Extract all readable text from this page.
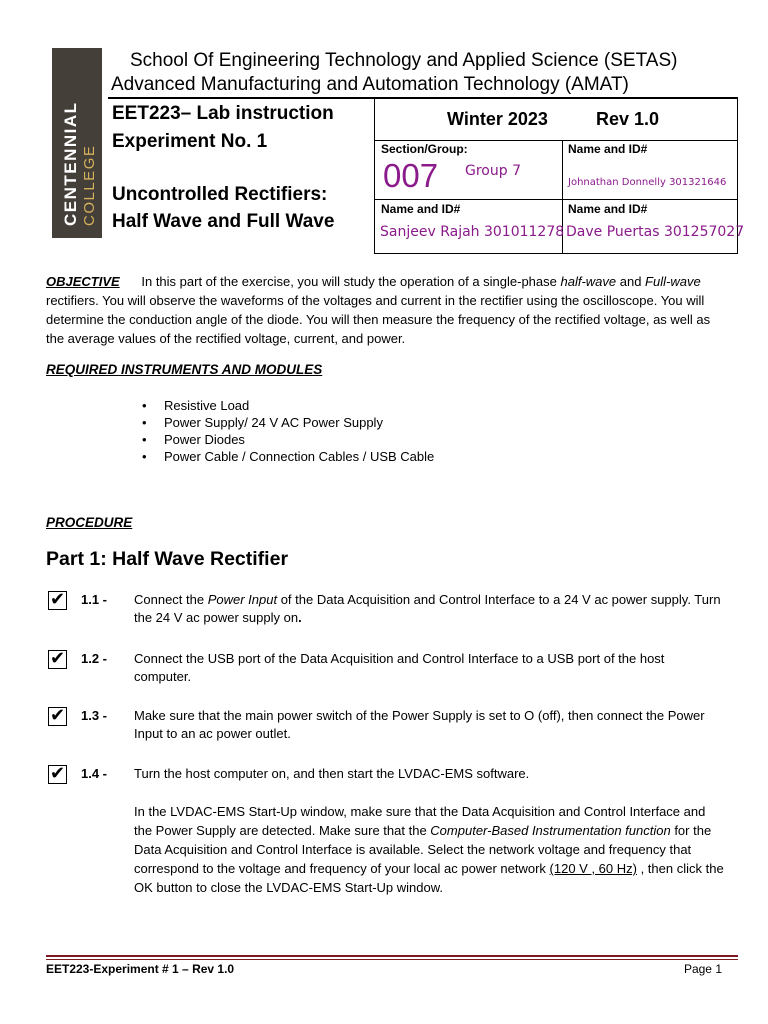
CENTENNIAL COLLEGE
School Of Engineering Technology and Applied Science (SETAS)
Advanced Manufacturing and Automation Technology (AMAT)
EET223– Lab instruction
Experiment No. 1
Uncontrolled Rectifiers:
Half Wave and Full Wave
Winter 2023	Rev 1.0
Section/Group:
007 Group 7
Name and ID#
Johnathan Donnelly 301321646
Name and ID#
Sanjeev Rajah 301011278
Name and ID#
Dave Puertas 301257027
OBJECTIVE In this part of the exercise, you will study the operation of a single-phase half-wave and Full-wave rectifiers. You will observe the waveforms of the voltages and current in the rectifier using the oscilloscope. You will determine the conduction angle of the diode. You will then measure the frequency of the rectified voltage, as well as the average values of the rectified voltage, current, and power.
REQUIRED INSTRUMENTS AND MODULES
• Resistive Load
• Power Supply/ 24 V AC Power Supply
• Power Diodes
• Power Cable / Connection Cables / USB Cable
PROCEDURE
Part 1: Half Wave Rectifier
✔ 1.1 - Connect the Power Input of the Data Acquisition and Control Interface to a 24 V ac power supply. Turn the 24 V ac power supply on.
✔ 1.2 - Connect the USB port of the Data Acquisition and Control Interface to a USB port of the host computer.
✔ 1.3 - Make sure that the main power switch of the Power Supply is set to O (off), then connect the Power Input to an ac power outlet.
✔ 1.4 - Turn the host computer on, and then start the LVDAC-EMS software.
In the LVDAC-EMS Start-Up window, make sure that the Data Acquisition and Control Interface and the Power Supply are detected. Make sure that the Computer-Based Instrumentation function for the Data Acquisition and Control Interface is available. Select the network voltage and frequency that correspond to the voltage and frequency of your local ac power network (120 V , 60 Hz) , then click the OK button to close the LVDAC-EMS Start-Up window.
EET223-Experiment # 1 – Rev 1.0	Page 1
